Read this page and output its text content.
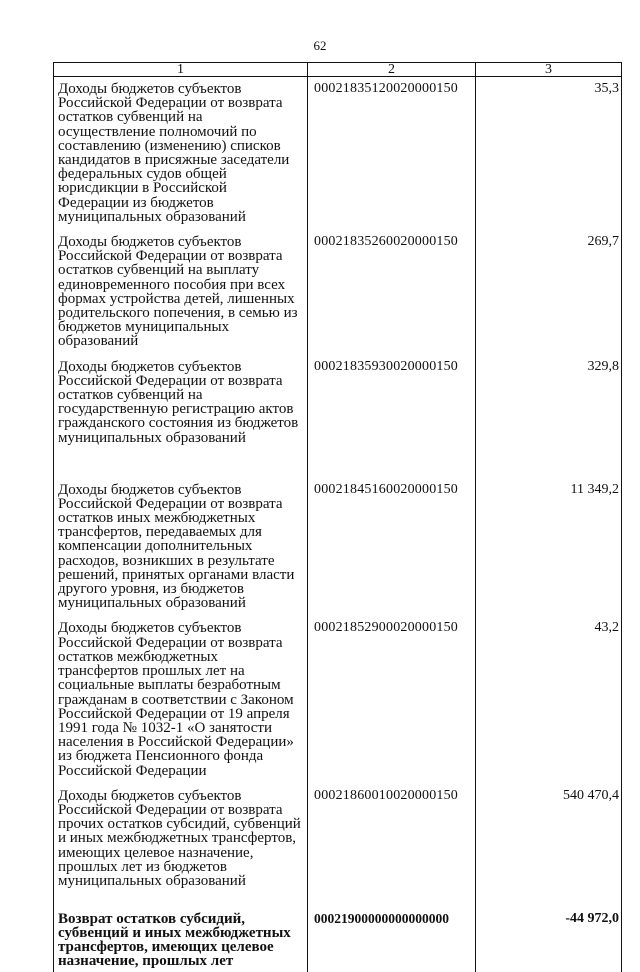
62
1	2	3
Доходы бюджетов субъектов Российской Федерации от возврата остатков субвенций на осуществление полномочий по составлению (изменению) списков кандидатов в присяжные заседатели федеральных судов общей юрисдикции в Российской Федерации из бюджетов муниципальных образований	00021835120020000150	35,3
Доходы бюджетов субъектов Российской Федерации от возврата остатков субвенций на выплату единовременного пособия при всех формах устройства детей, лишенных родительского попечения, в семью из бюджетов муниципальных образований	00021835260020000150	269,7
Доходы бюджетов субъектов Российской Федерации от возврата остатков субвенций на государственную регистрацию актов гражданского состояния из бюджетов муниципальных образований	00021835930020000150	329,8
Доходы бюджетов субъектов Российской Федерации от возврата остатков иных межбюджетных трансфертов, передаваемых для компенсации дополнительных расходов, возникших в результате решений, принятых органами власти другого уровня, из бюджетов муниципальных образований	00021845160020000150	11 349,2
Доходы бюджетов субъектов Российской Федерации от возврата остатков межбюджетных трансфертов прошлых лет на социальные выплаты безработным гражданам в соответствии с Законом Российской Федерации от 19 апреля 1991 года № 1032-1 «О занятости населения в Российской Федерации» из бюджета Пенсионного фонда Российской Федерации	00021852900020000150	43,2
Доходы бюджетов субъектов Российской Федерации от возврата прочих остатков субсидий, субвенций и иных межбюджетных трансфертов, имеющих целевое назначение, прошлых лет из бюджетов муниципальных образований	00021860010020000150	540 470,4
Возврат остатков субсидий, субвенций и иных межбюджетных трансфертов, имеющих целевое назначение, прошлых лет	00021900000000000000	-44 972,0
